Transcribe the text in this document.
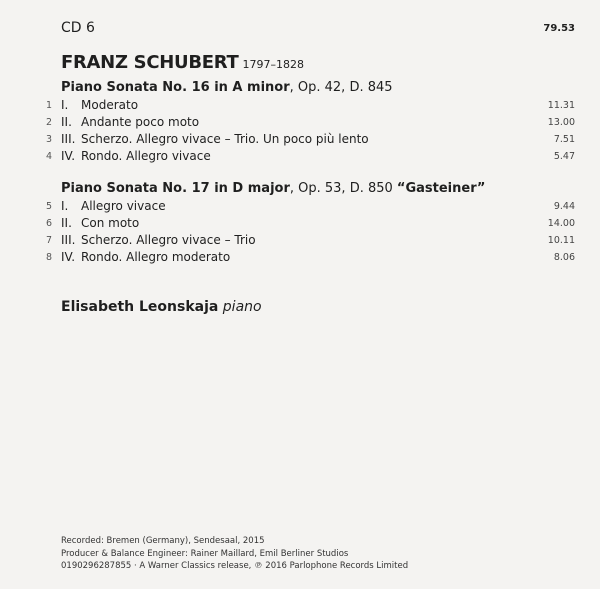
CD 6	79.53
FRANZ SCHUBERT 1797–1828
Piano Sonata No. 16 in A minor, Op. 42, D. 845
1 I. Moderato	11.31
2 II. Andante poco moto	13.00
3 III. Scherzo. Allegro vivace – Trio. Un poco più lento	7.51
4 IV. Rondo. Allegro vivace	5.47
Piano Sonata No. 17 in D major, Op. 53, D. 850 “Gasteiner”
5 I. Allegro vivace	9.44
6 II. Con moto	14.00
7 III. Scherzo. Allegro vivace – Trio	10.11
8 IV. Rondo. Allegro moderato	8.06
Elisabeth Leonskaja piano
Recorded: Bremen (Germany), Sendesaal, 2015
Producer & Balance Engineer: Rainer Maillard, Emil Berliner Studios
0190296287855 · A Warner Classics release, ℗ 2016 Parlophone Records Limited
